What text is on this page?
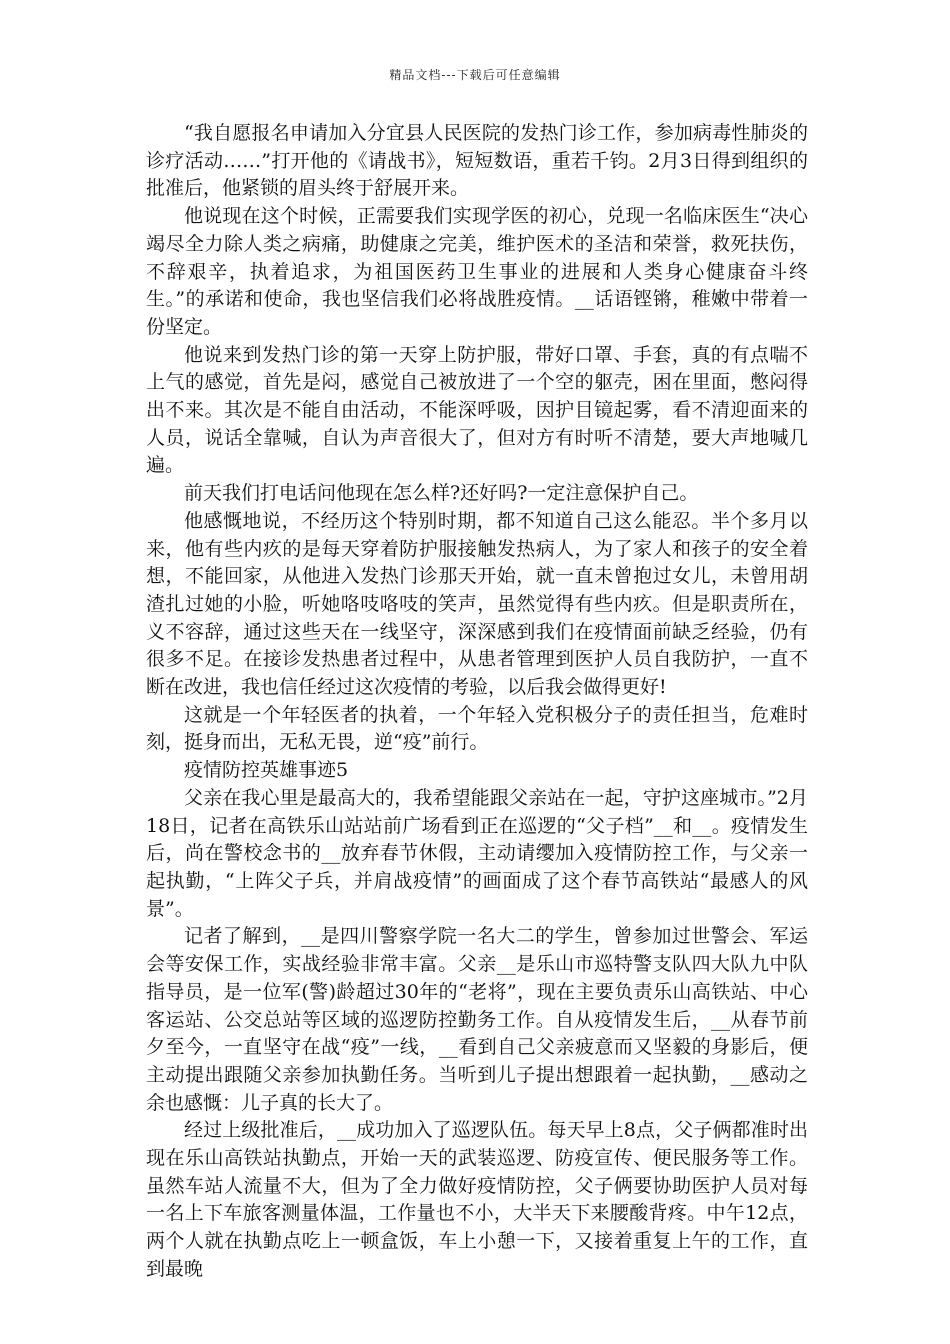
精品文档---下载后可任意编辑

“我自愿报名申请加入分宜县人民医院的发热门诊工作，参加病毒性肺炎的诊疗活动……”打开他的《请战书》，短短数语，重若千钧。2月3日得到组织的批准后，他紧锁的眉头终于舒展开来。

他说现在这个时候，正需要我们实现学医的初心，兑现一名临床医生“决心竭尽全力除人类之病痛，助健康之完美，维护医术的圣洁和荣誉，救死扶伤，不辞艰辛，执着追求，为祖国医药卫生事业的进展和人类身心健康奋斗终生。”的承诺和使命，我也坚信我们必将战胜疫情。__话语铿锵，稚嫩中带着一份坚定。

他说来到发热门诊的第一天穿上防护服，带好口罩、手套，真的有点喘不上气的感觉，首先是闷，感觉自己被放进了一个空的躯壳，困在里面，憋闷得出不来。其次是不能自由活动，不能深呼吸，因护目镜起雾，看不清迎面来的人员，说话全靠喊，自认为声音很大了，但对方有时听不清楚，要大声地喊几遍。

前天我们打电话问他现在怎么样?还好吗?一定注意保护自己。

他感慨地说，不经历这个特别时期，都不知道自己这么能忍。半个多月以来，他有些内疚的是每天穿着防护服接触发热病人，为了家人和孩子的安全着想，不能回家，从他进入发热门诊那天开始，就一直未曾抱过女儿，未曾用胡渣扎过她的小脸，听她咯吱咯吱的笑声，虽然觉得有些内疚。但是职责所在，义不容辞，通过这些天在一线坚守，深深感到我们在疫情面前缺乏经验，仍有很多不足。在接诊发热患者过程中，从患者管理到医护人员自我防护，一直不断在改进，我也信任经过这次疫情的考验，以后我会做得更好!

这就是一个年轻医者的执着，一个年轻入党积极分子的责任担当，危难时刻，挺身而出，无私无畏，逆“疫”前行。

疫情防控英雄事迹5

父亲在我心里是最高大的，我希望能跟父亲站在一起，守护这座城市。”2月18日，记者在高铁乐山站站前广场看到正在巡逻的“父子档”__和__。疫情发生后，尚在警校念书的__放弃春节休假，主动请缨加入疫情防控工作，与父亲一起执勤，“上阵父子兵，并肩战疫情”的画面成了这个春节高铁站“最感人的风景”。

记者了解到，__是四川警察学院一名大二的学生，曾参加过世警会、军运会等安保工作，实战经验非常丰富。父亲__是乐山市巡特警支队四大队九中队指导员，是一位军(警)龄超过30年的“老将”，现在主要负责乐山高铁站、中心客运站、公交总站等区域的巡逻防控勤务工作。自从疫情发生后，__从春节前夕至今，一直坚守在战“疫”一线，__看到自己父亲疲意而又坚毅的身影后，便主动提出跟随父亲参加执勤任务。当听到儿子提出想跟着一起执勤，__感动之余也感慨：儿子真的长大了。

经过上级批准后，__成功加入了巡逻队伍。每天早上8点，父子俩都准时出现在乐山高铁站执勤点，开始一天的武装巡逻、防疫宣传、便民服务等工作。虽然车站人流量不大，但为了全力做好疫情防控，父子俩要协助医护人员对每一名上下车旅客测量体温，工作量也不小，大半天下来腰酸背疼。中午12点，两个人就在执勤点吃上一顿盒饭，车上小憩一下，又接着重复上午的工作，直到最晚
